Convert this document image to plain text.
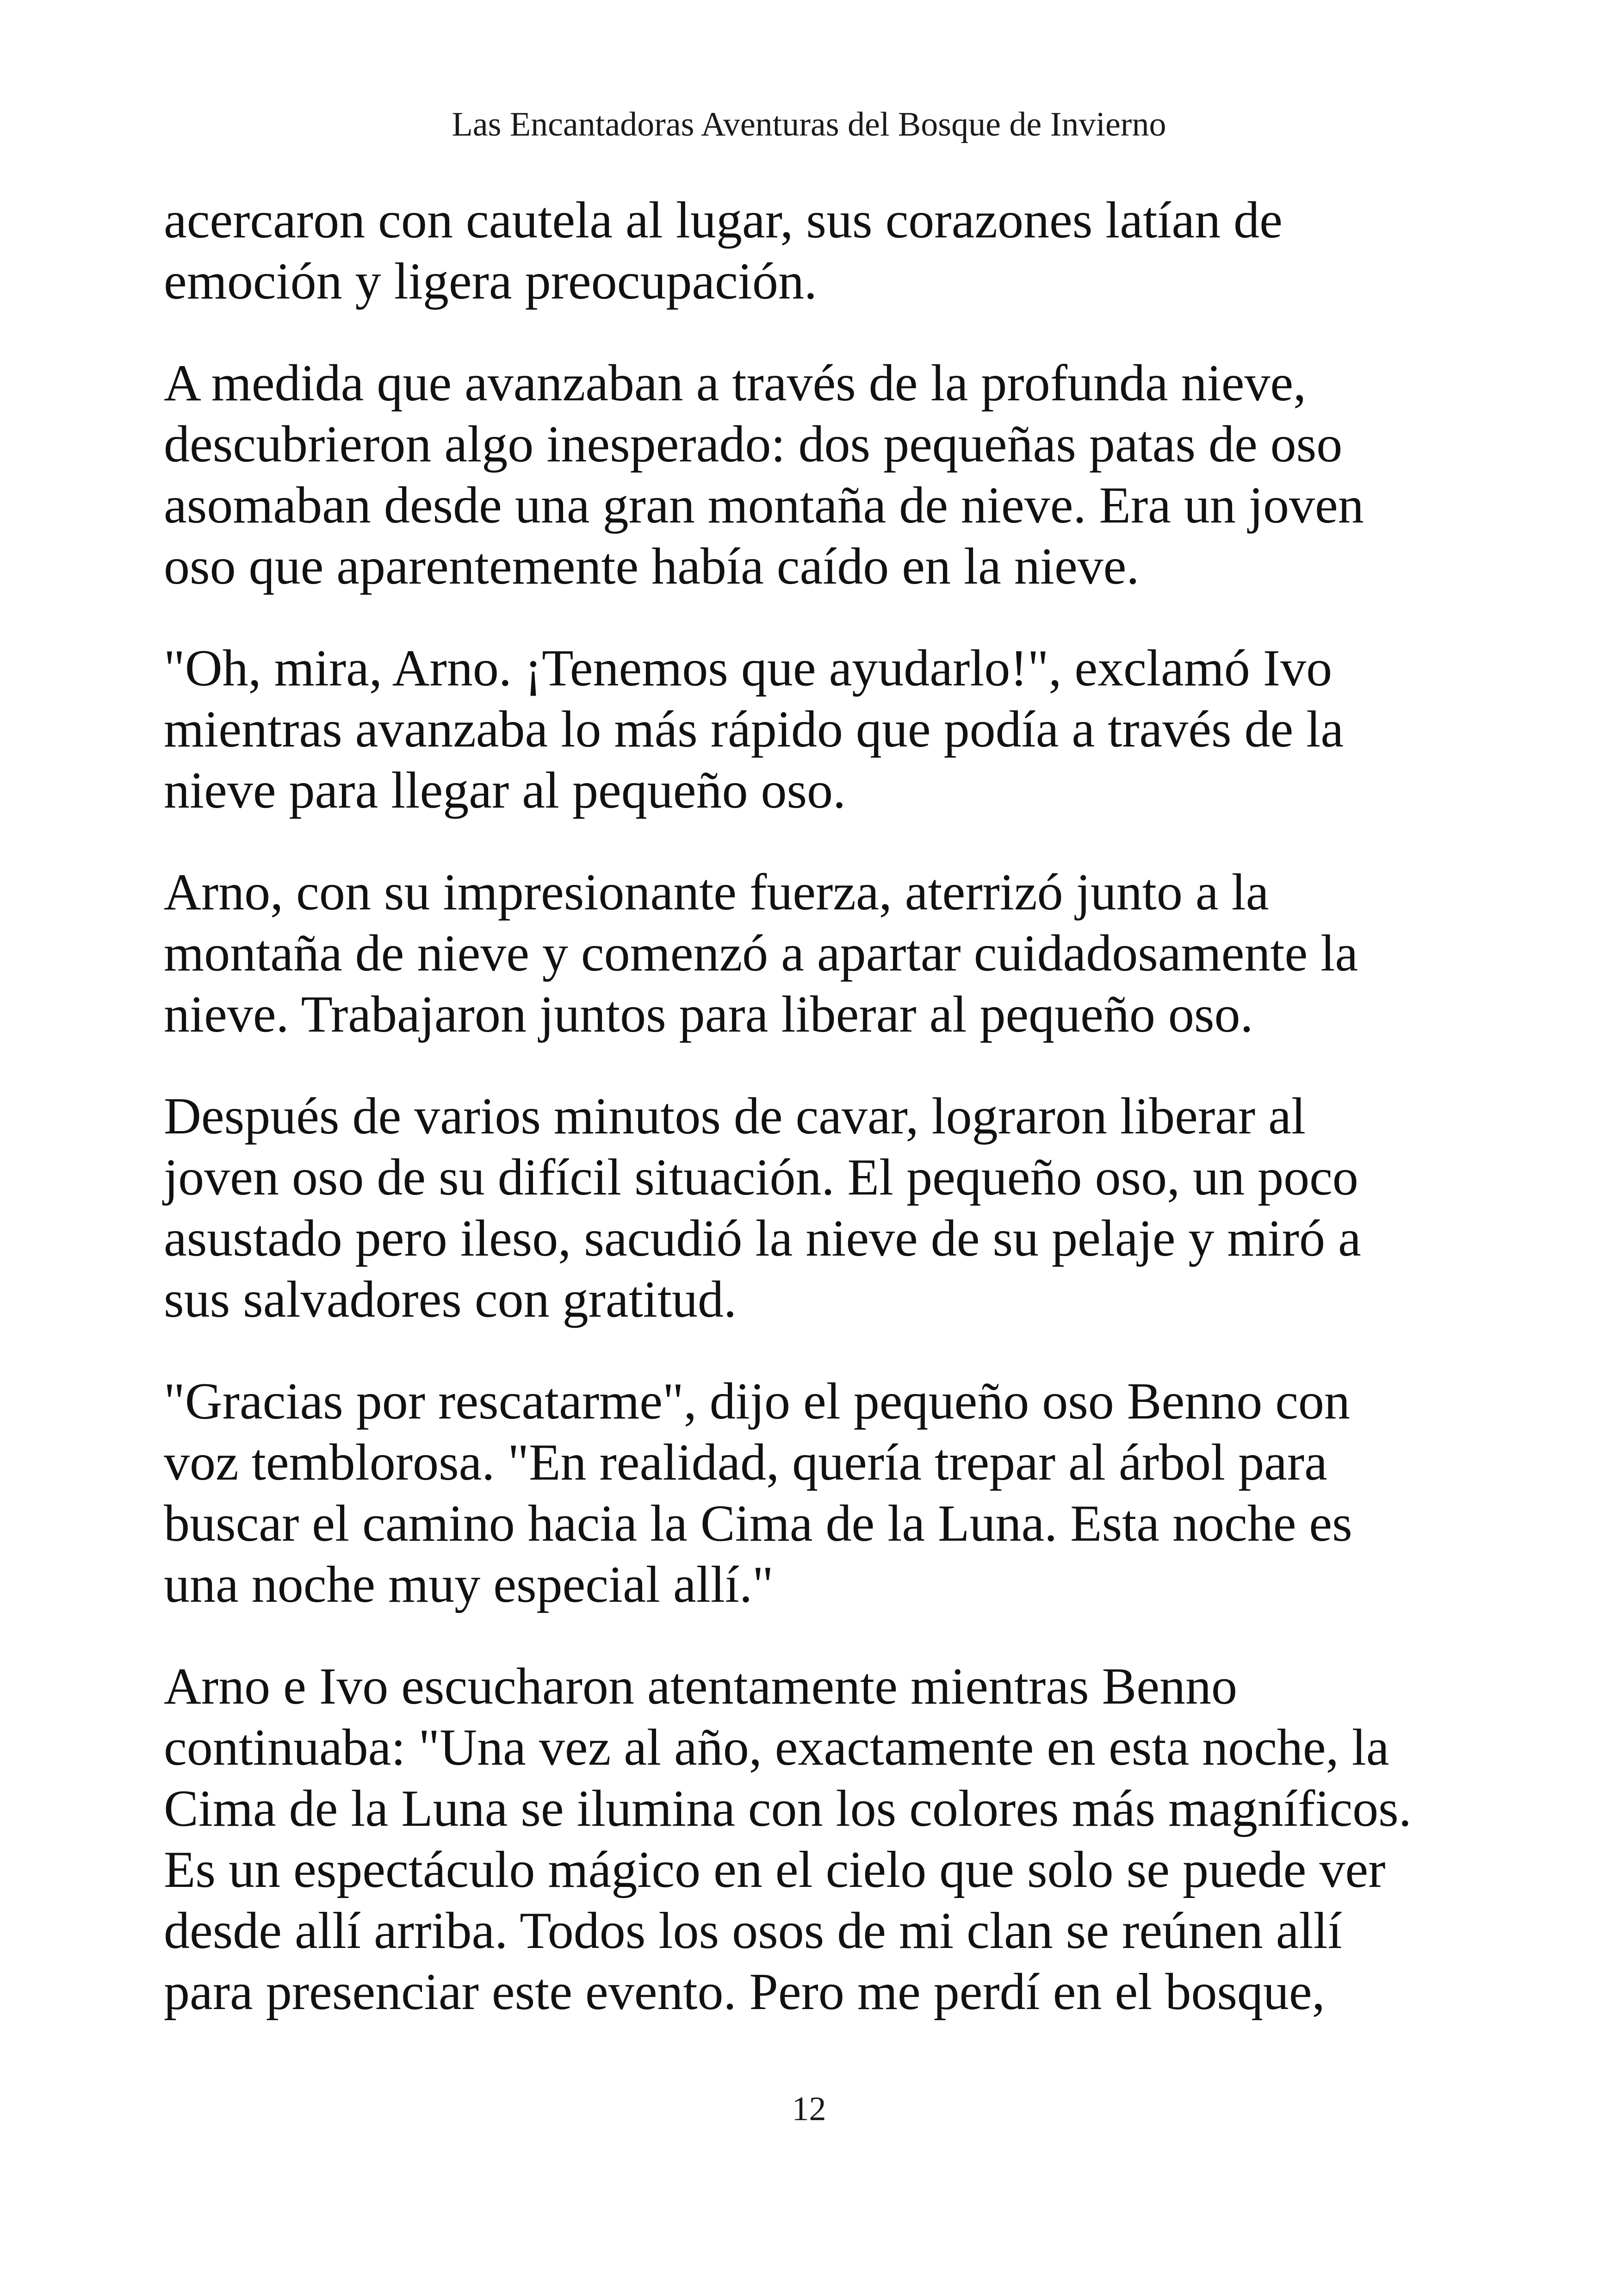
Las Encantadoras Aventuras del Bosque de Invierno

acercaron con cautela al lugar, sus corazones latían de
emoción y ligera preocupación.

A medida que avanzaban a través de la profunda nieve,
descubrieron algo inesperado: dos pequeñas patas de oso
asomaban desde una gran montaña de nieve. Era un joven
oso que aparentemente había caído en la nieve.

"Oh, mira, Arno. ¡Tenemos que ayudarlo!", exclamó Ivo
mientras avanzaba lo más rápido que podía a través de la
nieve para llegar al pequeño oso.

Arno, con su impresionante fuerza, aterrizó junto a la
montaña de nieve y comenzó a apartar cuidadosamente la
nieve. Trabajaron juntos para liberar al pequeño oso.

Después de varios minutos de cavar, lograron liberar al
joven oso de su difícil situación. El pequeño oso, un poco
asustado pero ileso, sacudió la nieve de su pelaje y miró a
sus salvadores con gratitud.

"Gracias por rescatarme", dijo el pequeño oso Benno con
voz temblorosa. "En realidad, quería trepar al árbol para
buscar el camino hacia la Cima de la Luna. Esta noche es
una noche muy especial allí."

Arno e Ivo escucharon atentamente mientras Benno
continuaba: "Una vez al año, exactamente en esta noche, la
Cima de la Luna se ilumina con los colores más magníficos.
Es un espectáculo mágico en el cielo que solo se puede ver
desde allí arriba. Todos los osos de mi clan se reúnen allí
para presenciar este evento. Pero me perdí en el bosque,

12
